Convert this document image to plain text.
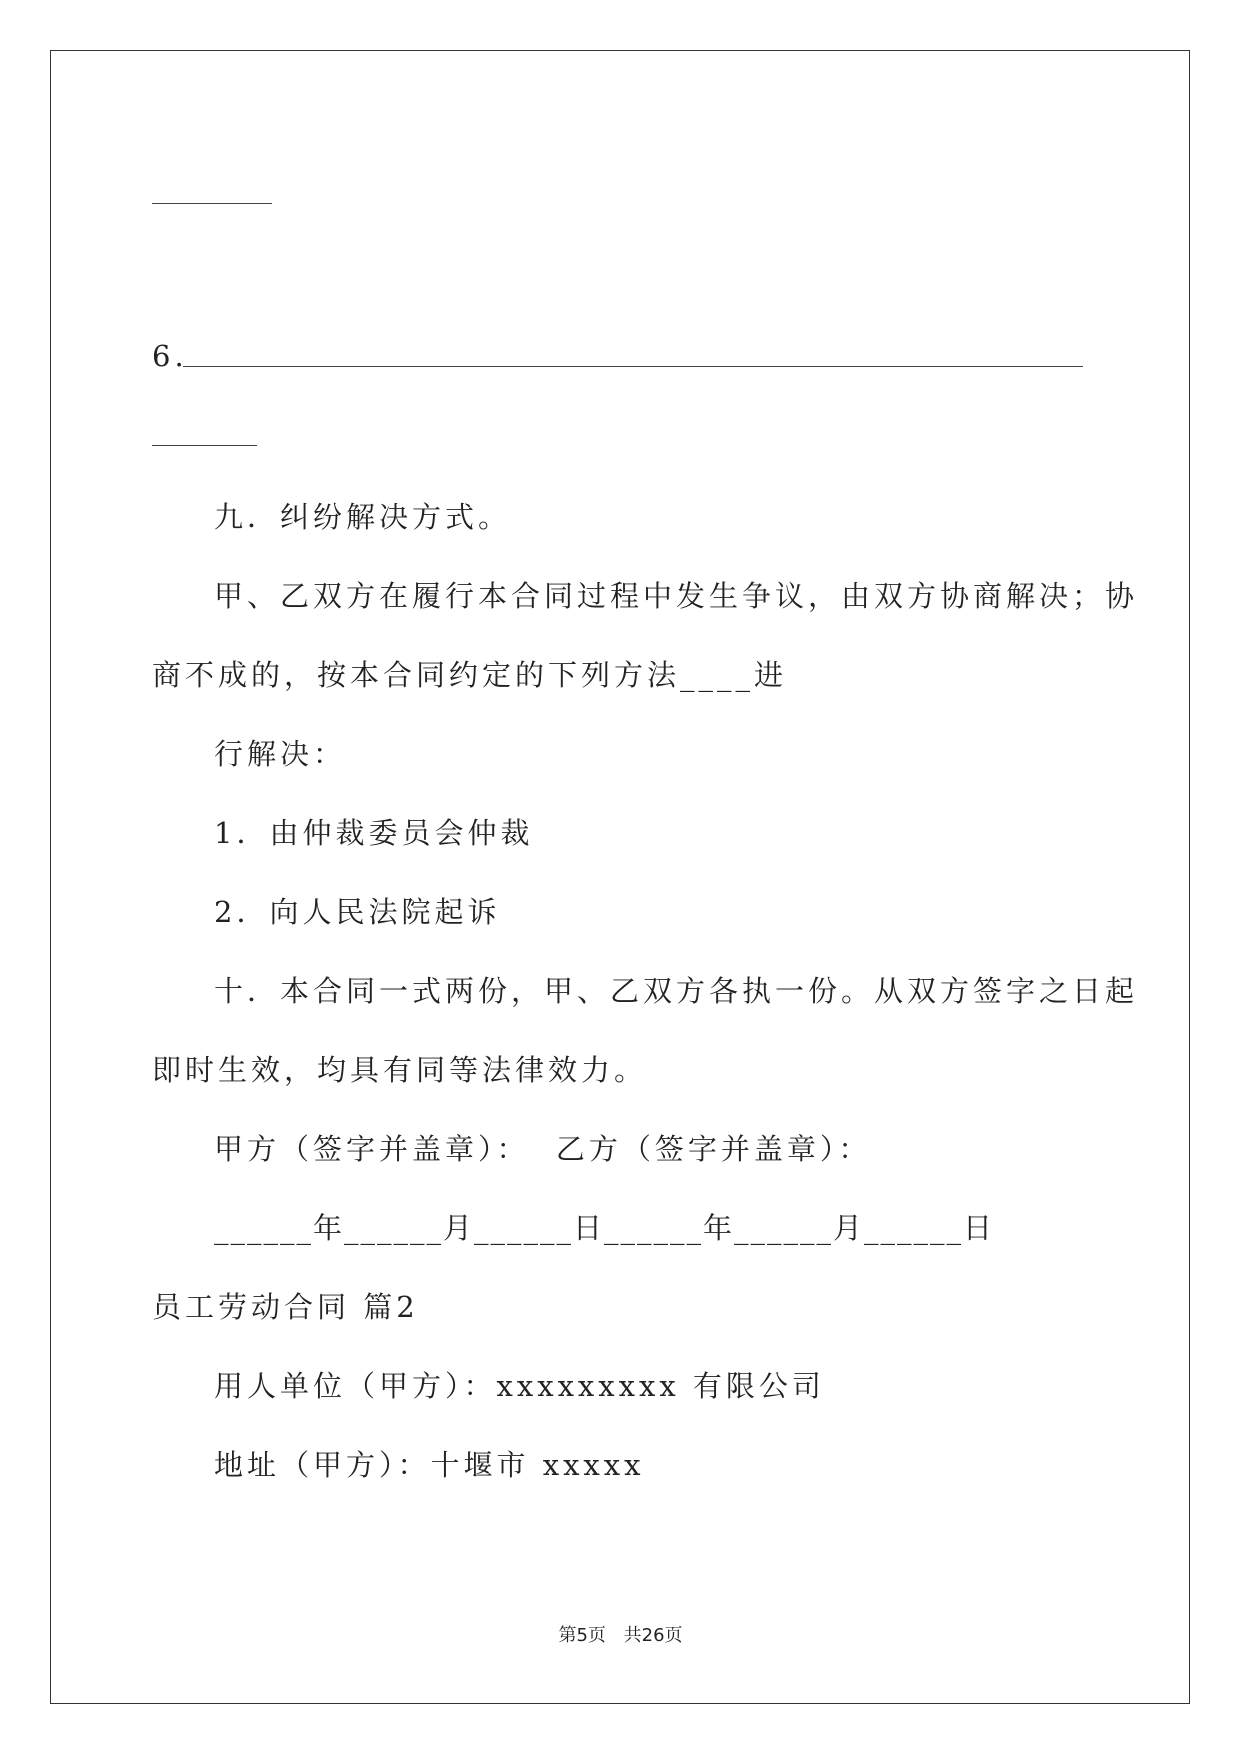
6.
九．纠纷解决方式。
甲、乙双方在履行本合同过程中发生争议，由双方协商解决；协
商不成的，按本合同约定的下列方法____进
行解决：
1．由仲裁委员会仲裁
2．向人民法院起诉
十．本合同一式两份，甲、乙双方各执一份。从双方签字之日起
即时生效，均具有同等法律效力。
甲方（签字并盖章）：  乙方（签字并盖章）：
______年______月______日______年______月______日
员工劳动合同 篇2
用人单位（甲方）：xxxxxxxxx 有限公司
地址（甲方）：十堰市 xxxxx
第5页 共26页
